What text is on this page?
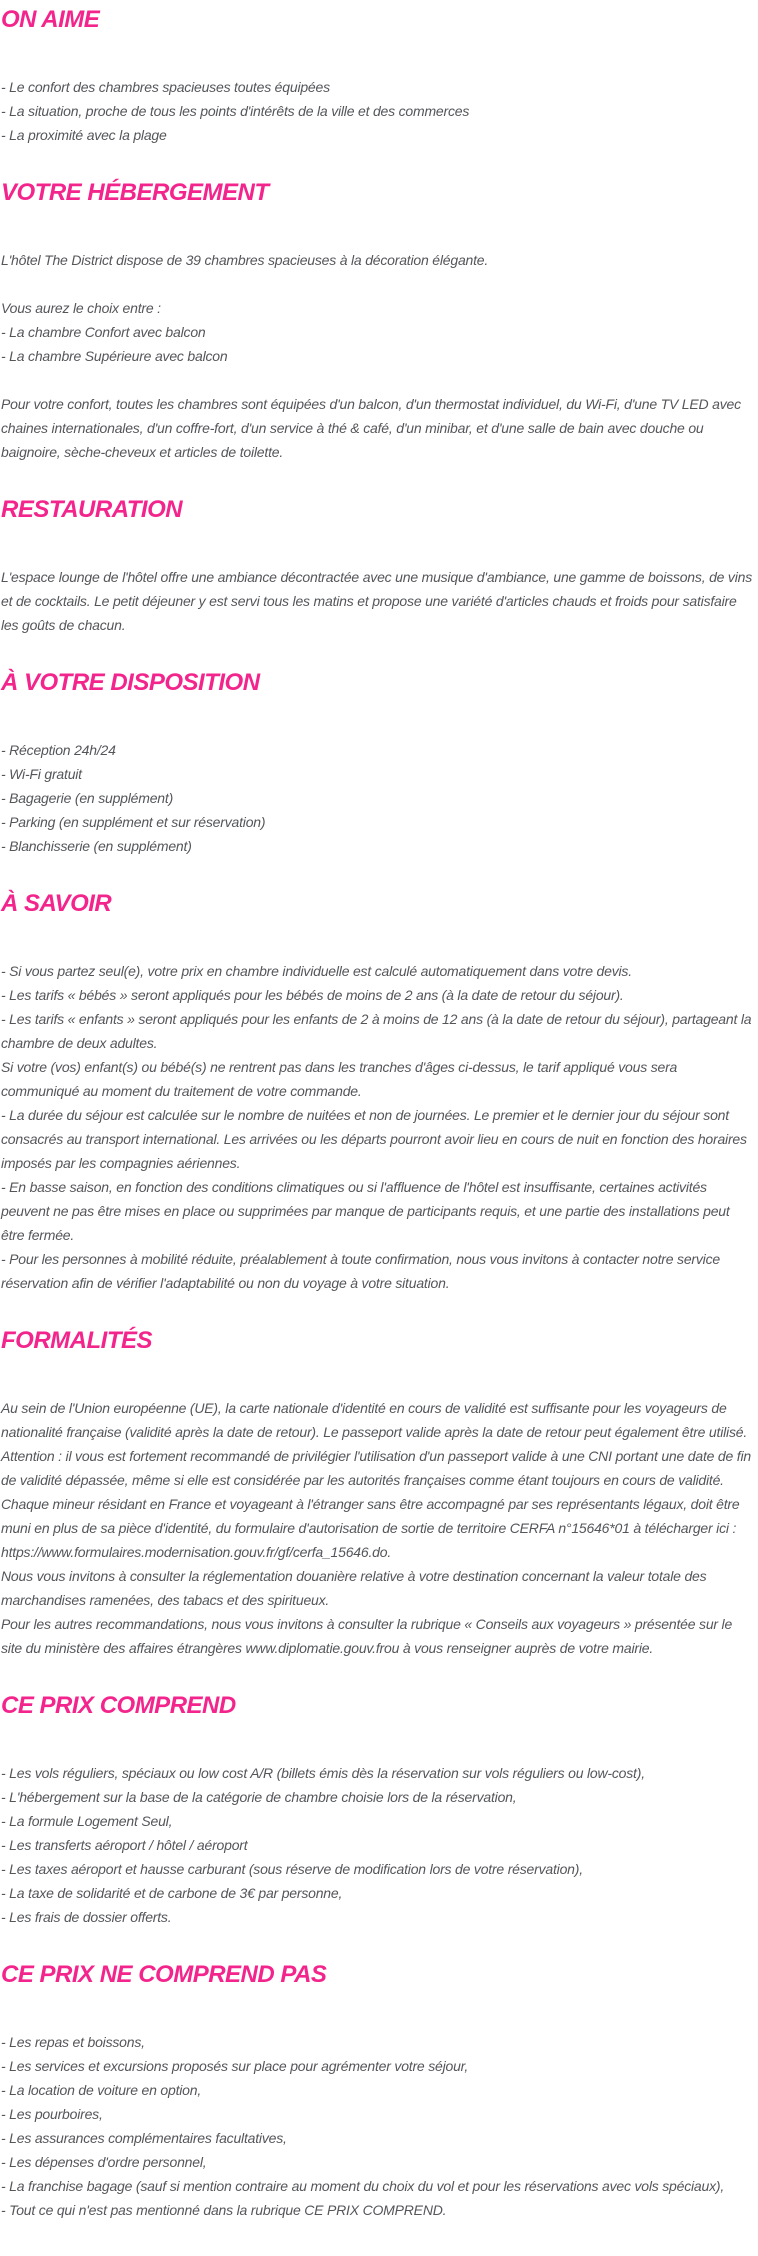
ON AIME
- Le confort des chambres spacieuses toutes équipées
- La situation, proche de tous les points d'intérêts de la ville et des commerces
- La proximité avec la plage
VOTRE HÉBERGEMENT
L'hôtel The District dispose de 39 chambres spacieuses à la décoration élégante.
Vous aurez le choix entre :
- La chambre Confort avec balcon
- La chambre Supérieure avec balcon
Pour votre confort, toutes les chambres sont équipées d'un balcon, d'un thermostat individuel, du Wi-Fi, d'une TV LED avec chaines internationales, d'un coffre-fort, d'un service à thé & café, d'un minibar, et d'une salle de bain avec douche ou baignoire, sèche-cheveux et articles de toilette.
RESTAURATION
L'espace lounge de l'hôtel offre une ambiance décontractée avec une musique d'ambiance, une gamme de boissons, de vins et de cocktails. Le petit déjeuner y est servi tous les matins et propose une variété d'articles chauds et froids pour satisfaire les goûts de chacun.
À VOTRE DISPOSITION
- Réception 24h/24
- Wi-Fi gratuit
- Bagagerie (en supplément)
- Parking (en supplément et sur réservation)
- Blanchisserie (en supplément)
À SAVOIR
- Si vous partez seul(e), votre prix en chambre individuelle est calculé automatiquement dans votre devis.
- Les tarifs « bébés » seront appliqués pour les bébés de moins de 2 ans (à la date de retour du séjour).
- Les tarifs « enfants » seront appliqués pour les enfants de 2 à moins de 12 ans (à la date de retour du séjour), partageant la chambre de deux adultes.
Si votre (vos) enfant(s) ou bébé(s) ne rentrent pas dans les tranches d'âges ci-dessus, le tarif appliqué vous sera communiqué au moment du traitement de votre commande.
- La durée du séjour est calculée sur le nombre de nuitées et non de journées. Le premier et le dernier jour du séjour sont consacrés au transport international. Les arrivées ou les départs pourront avoir lieu en cours de nuit en fonction des horaires imposés par les compagnies aériennes.
- En basse saison, en fonction des conditions climatiques ou si l'affluence de l'hôtel est insuffisante, certaines activités peuvent ne pas être mises en place ou supprimées par manque de participants requis, et une partie des installations peut être fermée.
- Pour les personnes à mobilité réduite, préalablement à toute confirmation, nous vous invitons à contacter notre service réservation afin de vérifier l'adaptabilité ou non du voyage à votre situation.
FORMALITÉS
Au sein de l'Union européenne (UE), la carte nationale d'identité en cours de validité est suffisante pour les voyageurs de nationalité française (validité après la date de retour). Le passeport valide après la date de retour peut également être utilisé. Attention : il vous est fortement recommandé de privilégier l'utilisation d'un passeport valide à une CNI portant une date de fin de validité dépassée, même si elle est considérée par les autorités françaises comme étant toujours en cours de validité.
Chaque mineur résidant en France et voyageant à l'étranger sans être accompagné par ses représentants légaux, doit être muni en plus de sa pièce d'identité, du formulaire d'autorisation de sortie de territoire CERFA n°15646*01 à télécharger ici :
https://www.formulaires.modernisation.gouv.fr/gf/cerfa_15646.do.
Nous vous invitons à consulter la réglementation douanière relative à votre destination concernant la valeur totale des marchandises ramenées, des tabacs et des spiritueux.
Pour les autres recommandations, nous vous invitons à consulter la rubrique « Conseils aux voyageurs » présentée sur le site du ministère des affaires étrangères www.diplomatie.gouv.frou à vous renseigner auprès de votre mairie.
CE PRIX COMPREND
- Les vols réguliers, spéciaux ou low cost A/R (billets émis dès la réservation sur vols réguliers ou low-cost),
- L'hébergement sur la base de la catégorie de chambre choisie lors de la réservation,
- La formule Logement Seul,
- Les transferts aéroport / hôtel / aéroport
- Les taxes aéroport et hausse carburant (sous réserve de modification lors de votre réservation),
- La taxe de solidarité et de carbone de 3€ par personne,
- Les frais de dossier offerts.
CE PRIX NE COMPREND PAS
- Les repas et boissons,
- Les services et excursions proposés sur place pour agrémenter votre séjour,
- La location de voiture en option,
- Les pourboires,
- Les assurances complémentaires facultatives,
- Les dépenses d'ordre personnel,
- La franchise bagage (sauf si mention contraire au moment du choix du vol et pour les réservations avec vols spéciaux),
- Tout ce qui n'est pas mentionné dans la rubrique CE PRIX COMPREND.
